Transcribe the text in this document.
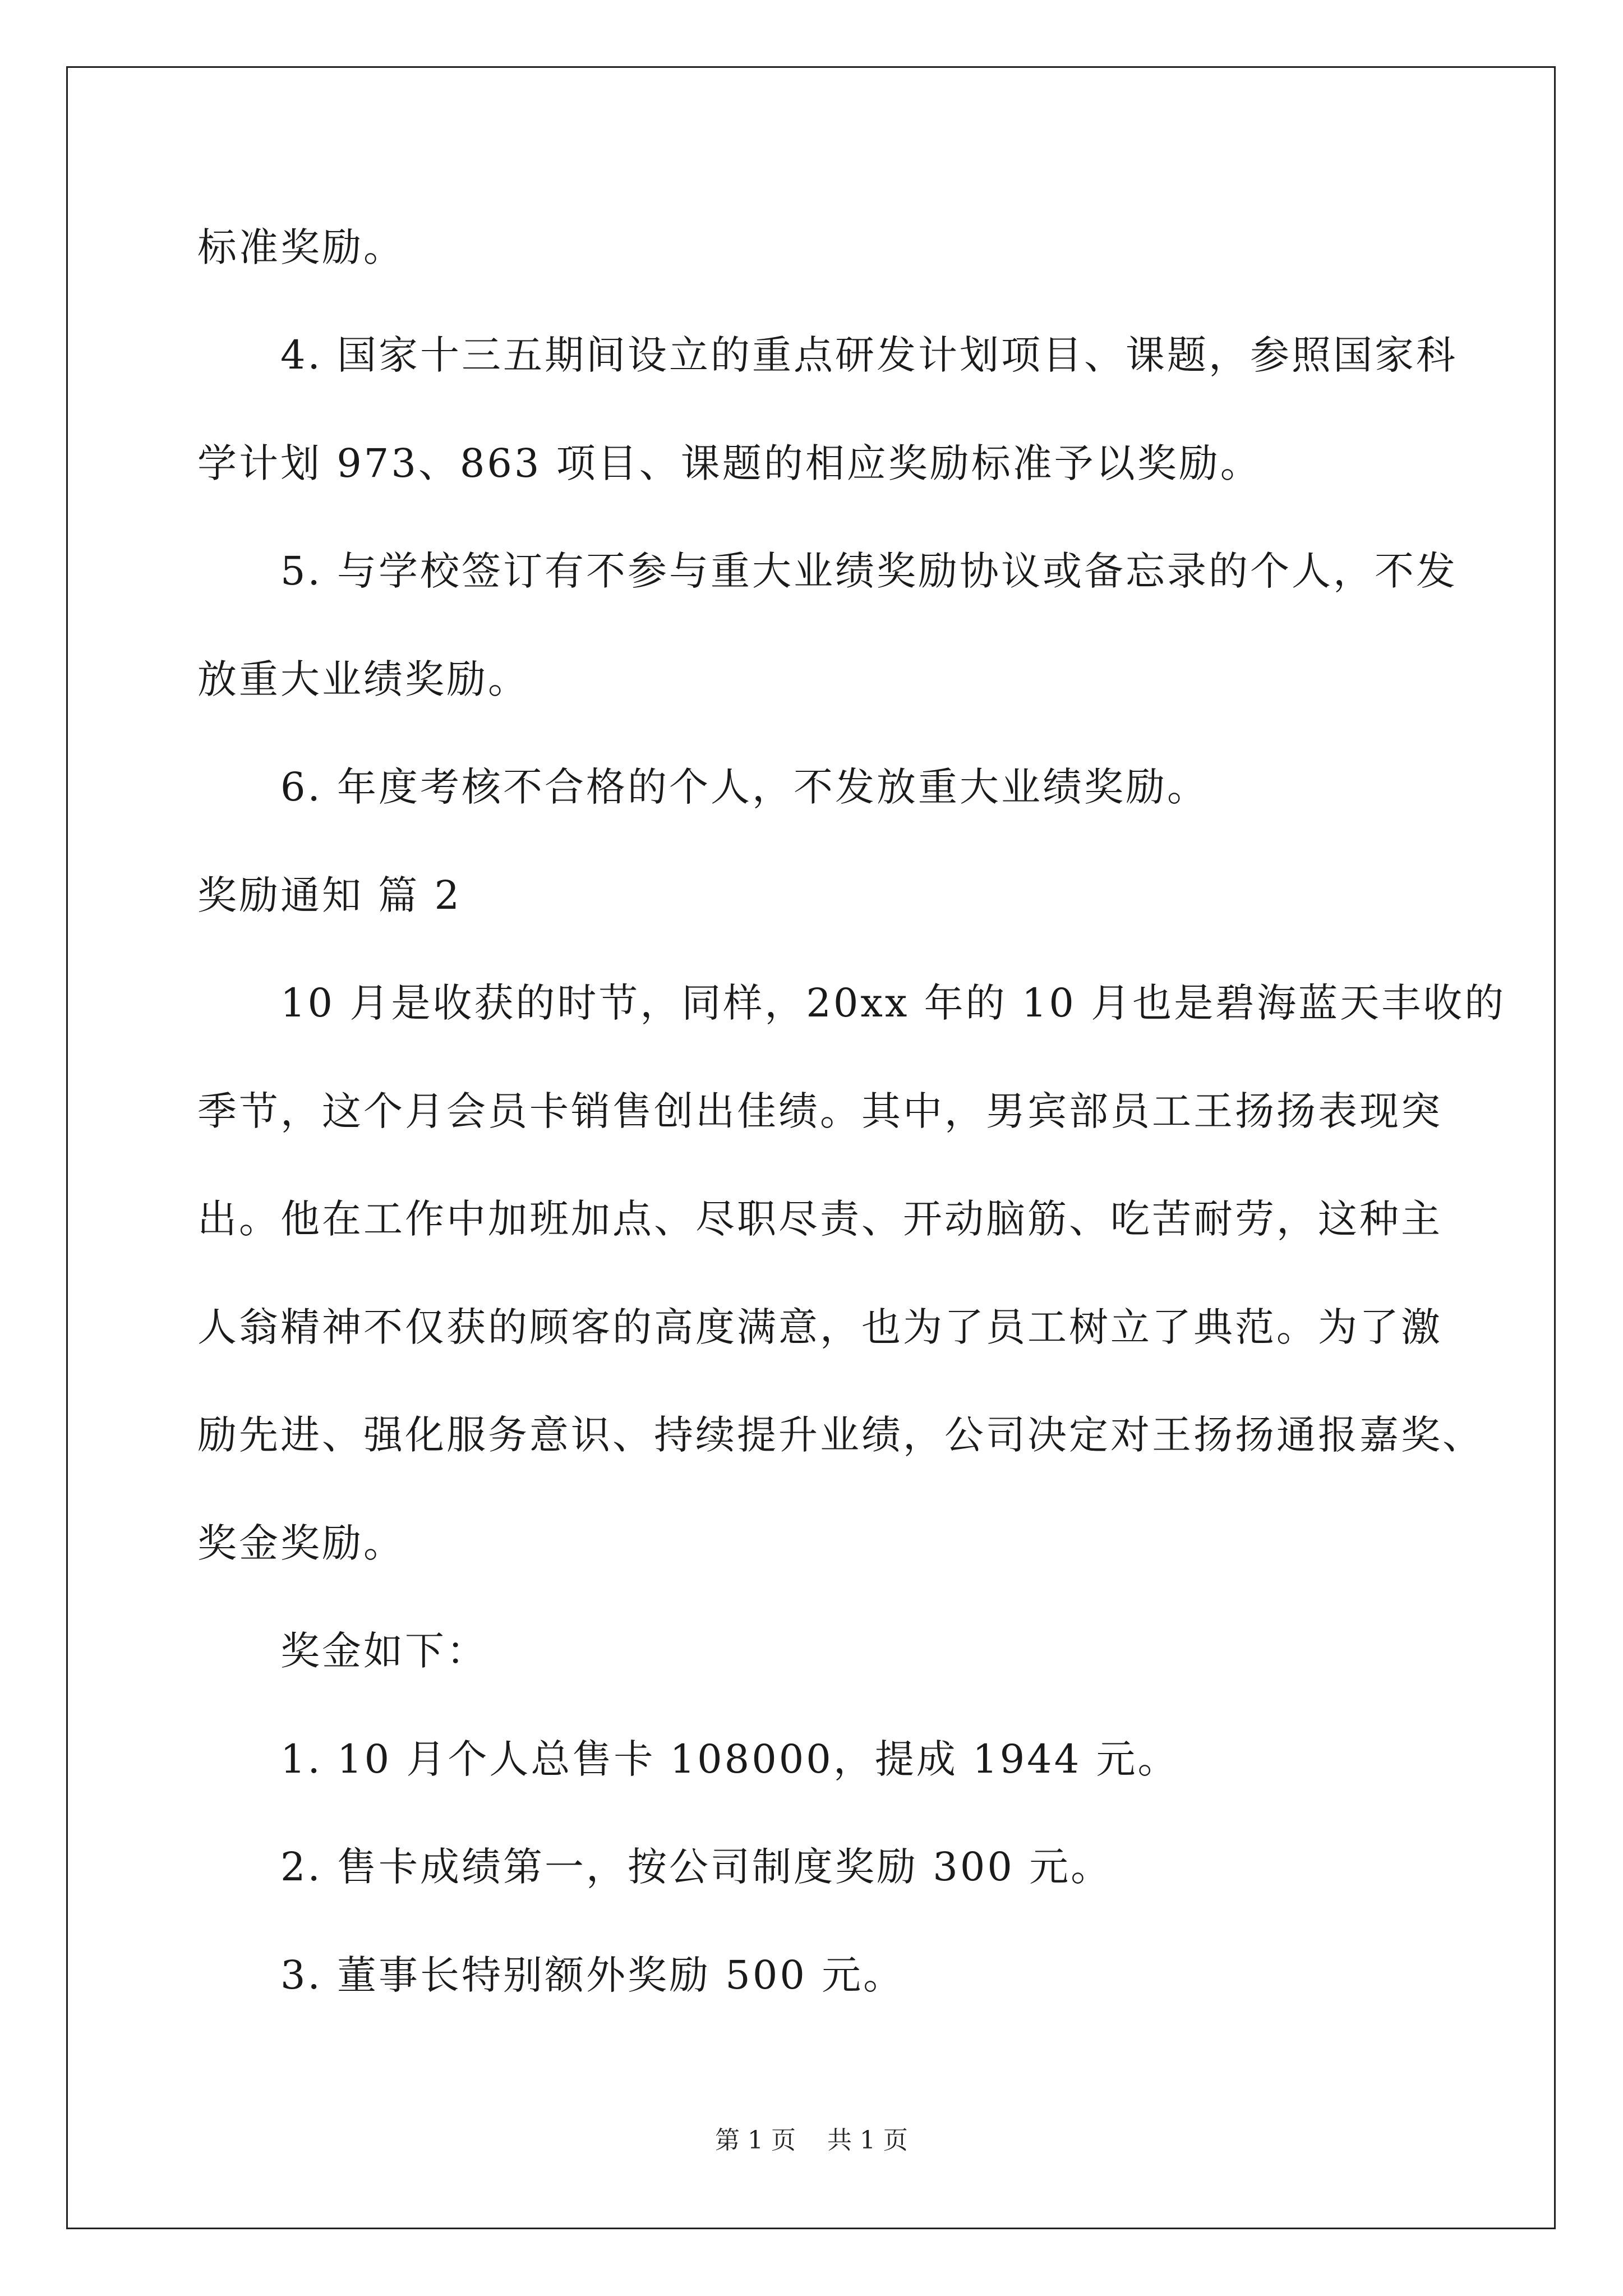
标准奖励。
4. 国家十三五期间设立的重点研发计划项目、课题，参照国家科
学计划 973、863 项目、课题的相应奖励标准予以奖励。
5. 与学校签订有不参与重大业绩奖励协议或备忘录的个人，不发
放重大业绩奖励。
6. 年度考核不合格的个人，不发放重大业绩奖励。
奖励通知 篇 2
10 月是收获的时节，同样，20xx 年的 10 月也是碧海蓝天丰收的
季节，这个月会员卡销售创出佳绩。其中，男宾部员工王扬扬表现突
出。他在工作中加班加点、尽职尽责、开动脑筋、吃苦耐劳，这种主
人翁精神不仅获的顾客的高度满意，也为了员工树立了典范。为了激
励先进、强化服务意识、持续提升业绩，公司决定对王扬扬通报嘉奖、
奖金奖励。
奖金如下：
1. 10 月个人总售卡 108000，提成 1944 元。
2. 售卡成绩第一，按公司制度奖励 300 元。
3. 董事长特别额外奖励 500 元。
第 1 页    共 1 页
